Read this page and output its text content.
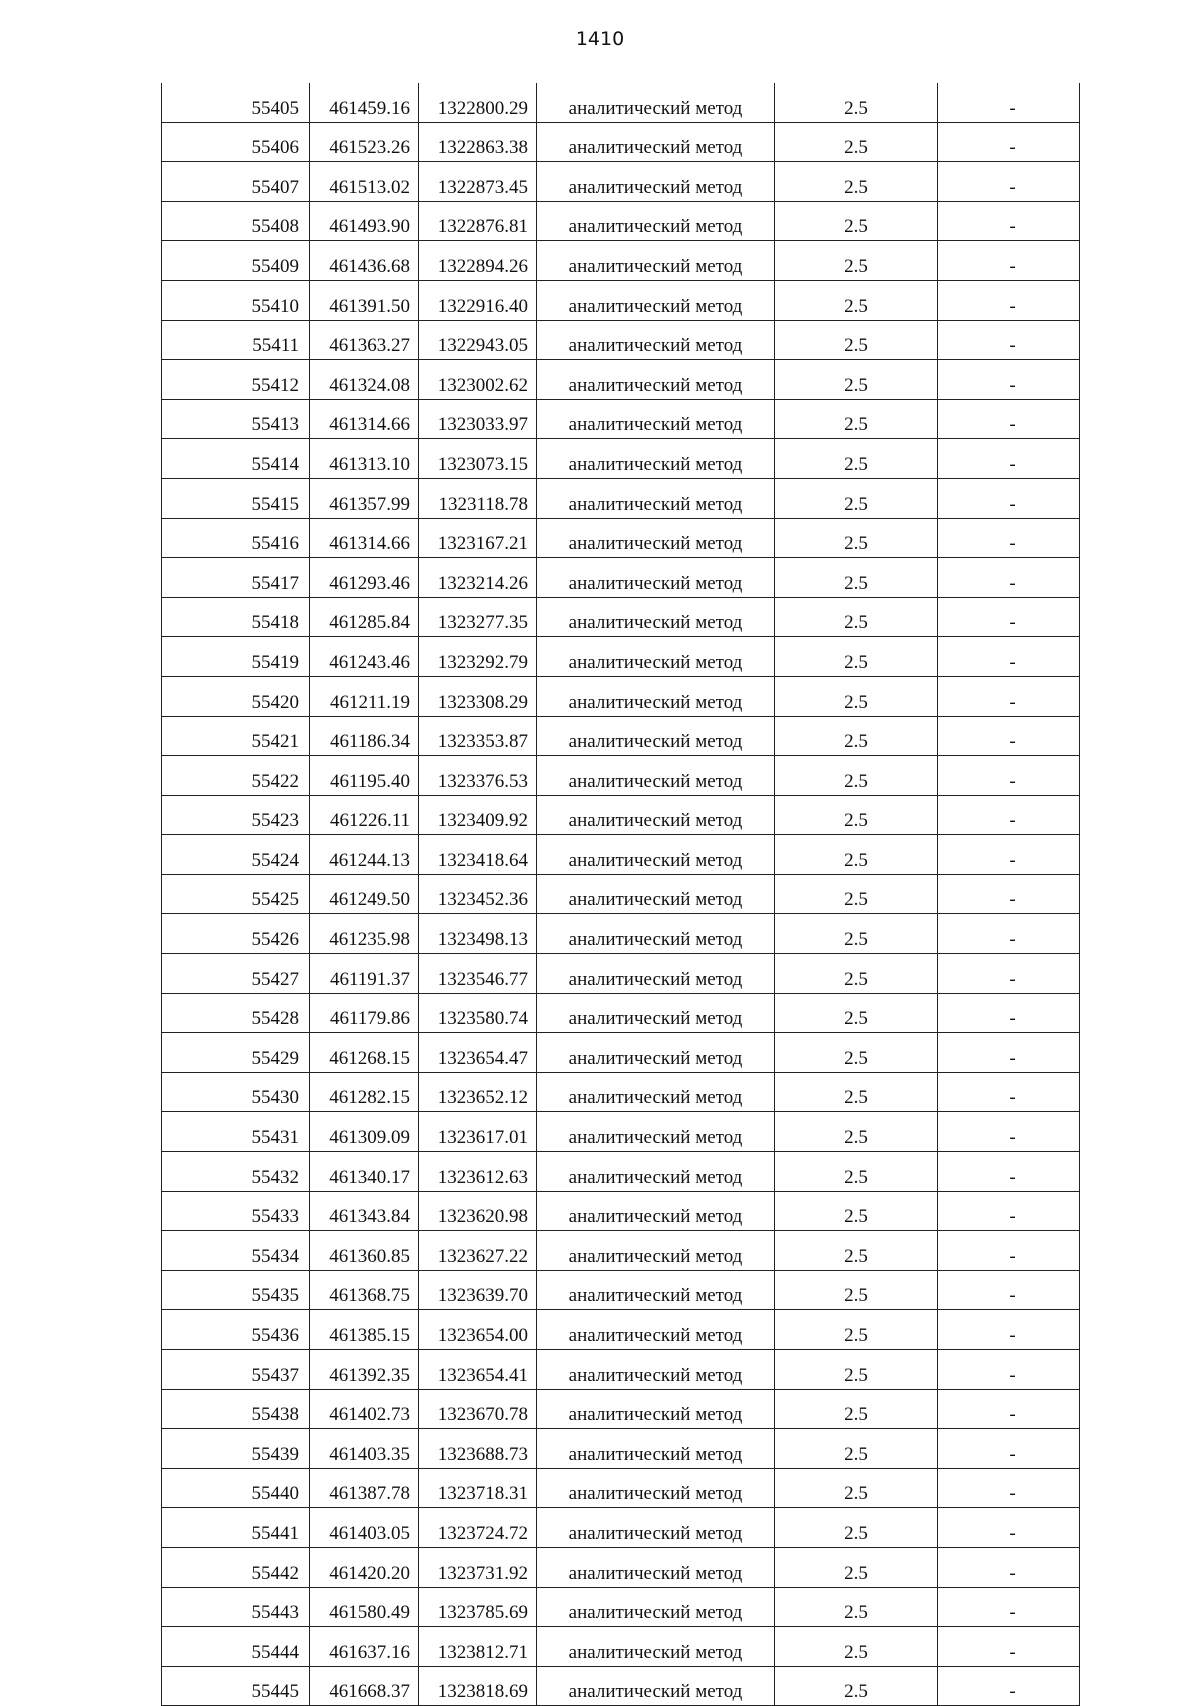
1410
55405	461459.16	1322800.29	аналитический метод	2.5	-
55406	461523.26	1322863.38	аналитический метод	2.5	-
55407	461513.02	1322873.45	аналитический метод	2.5	-
55408	461493.90	1322876.81	аналитический метод	2.5	-
55409	461436.68	1322894.26	аналитический метод	2.5	-
55410	461391.50	1322916.40	аналитический метод	2.5	-
55411	461363.27	1322943.05	аналитический метод	2.5	-
55412	461324.08	1323002.62	аналитический метод	2.5	-
55413	461314.66	1323033.97	аналитический метод	2.5	-
55414	461313.10	1323073.15	аналитический метод	2.5	-
55415	461357.99	1323118.78	аналитический метод	2.5	-
55416	461314.66	1323167.21	аналитический метод	2.5	-
55417	461293.46	1323214.26	аналитический метод	2.5	-
55418	461285.84	1323277.35	аналитический метод	2.5	-
55419	461243.46	1323292.79	аналитический метод	2.5	-
55420	461211.19	1323308.29	аналитический метод	2.5	-
55421	461186.34	1323353.87	аналитический метод	2.5	-
55422	461195.40	1323376.53	аналитический метод	2.5	-
55423	461226.11	1323409.92	аналитический метод	2.5	-
55424	461244.13	1323418.64	аналитический метод	2.5	-
55425	461249.50	1323452.36	аналитический метод	2.5	-
55426	461235.98	1323498.13	аналитический метод	2.5	-
55427	461191.37	1323546.77	аналитический метод	2.5	-
55428	461179.86	1323580.74	аналитический метод	2.5	-
55429	461268.15	1323654.47	аналитический метод	2.5	-
55430	461282.15	1323652.12	аналитический метод	2.5	-
55431	461309.09	1323617.01	аналитический метод	2.5	-
55432	461340.17	1323612.63	аналитический метод	2.5	-
55433	461343.84	1323620.98	аналитический метод	2.5	-
55434	461360.85	1323627.22	аналитический метод	2.5	-
55435	461368.75	1323639.70	аналитический метод	2.5	-
55436	461385.15	1323654.00	аналитический метод	2.5	-
55437	461392.35	1323654.41	аналитический метод	2.5	-
55438	461402.73	1323670.78	аналитический метод	2.5	-
55439	461403.35	1323688.73	аналитический метод	2.5	-
55440	461387.78	1323718.31	аналитический метод	2.5	-
55441	461403.05	1323724.72	аналитический метод	2.5	-
55442	461420.20	1323731.92	аналитический метод	2.5	-
55443	461580.49	1323785.69	аналитический метод	2.5	-
55444	461637.16	1323812.71	аналитический метод	2.5	-
55445	461668.37	1323818.69	аналитический метод	2.5	-
